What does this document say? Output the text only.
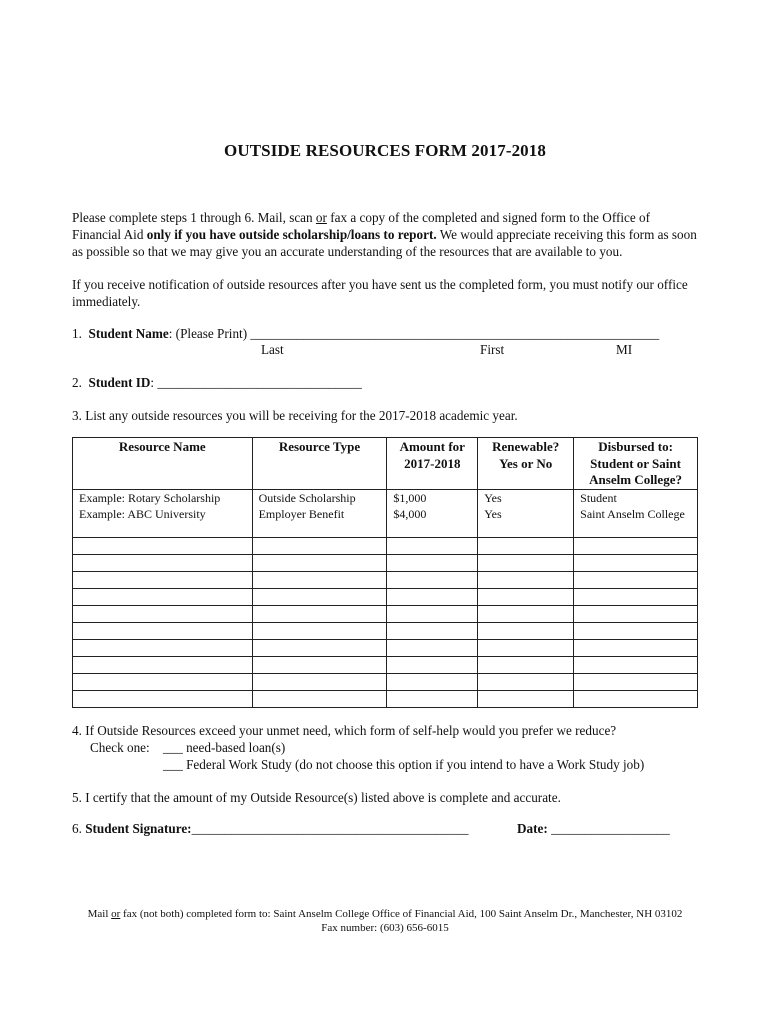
OUTSIDE RESOURCES FORM 2017-2018
Please complete steps 1 through 6. Mail, scan or fax a copy of the completed and signed form to the Office of Financial Aid only if you have outside scholarship/loans to report. We would appreciate receiving this form as soon as possible so that we may give you an accurate understanding of the resources that are available to you.
If you receive notification of outside resources after you have sent us the completed form, you must notify our office immediately.
1. Student Name: (Please Print) ______________________________________________________________
Last	First	MI
2. Student ID: _______________________________
3. List any outside resources you will be receiving for the 2017-2018 academic year.
Resource Name	Resource Type	Amount for 2017-2018	Renewable? Yes or No	Disbursed to: Student or Saint Anselm College?
Example: Rotary Scholarship	Outside Scholarship	$1,000	Yes	Student
Example: ABC University	Employer Benefit	$4,000	Yes	Saint Anselm College

4. If Outside Resources exceed your unmet need, which form of self-help would you prefer we reduce?
Check one: ___ need-based loan(s)
___ Federal Work Study (do not choose this option if you intend to have a Work Study job)
5. I certify that the amount of my Outside Resource(s) listed above is complete and accurate.
6. Student Signature:__________________________________________	Date: __________________
Mail or fax (not both) completed form to: Saint Anselm College Office of Financial Aid, 100 Saint Anselm Dr., Manchester, NH 03102
Fax number: (603) 656-6015
